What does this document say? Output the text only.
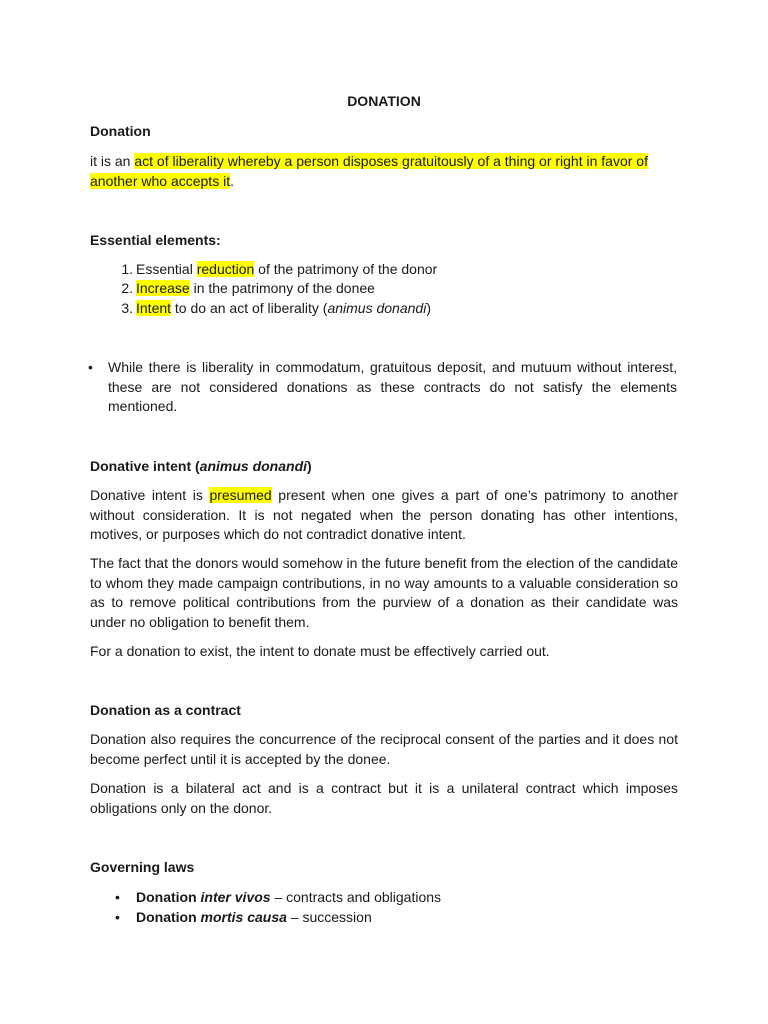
DONATION
Donation
it is an act of liberality whereby a person disposes gratuitously of a thing or right in favor of another who accepts it.
Essential elements:
1. Essential reduction of the patrimony of the donor
2. Increase in the patrimony of the donee
3. Intent to do an act of liberality (animus donandi)
• While there is liberality in commodatum, gratuitous deposit, and mutuum without interest, these are not considered donations as these contracts do not satisfy the elements mentioned.
Donative intent (animus donandi)
Donative intent is presumed present when one gives a part of one’s patrimony to another without consideration. It is not negated when the person donating has other intentions, motives, or purposes which do not contradict donative intent.
The fact that the donors would somehow in the future benefit from the election of the candidate to whom they made campaign contributions, in no way amounts to a valuable consideration so as to remove political contributions from the purview of a donation as their candidate was under no obligation to benefit them.
For a donation to exist, the intent to donate must be effectively carried out.
Donation as a contract
Donation also requires the concurrence of the reciprocal consent of the parties and it does not become perfect until it is accepted by the donee.
Donation is a bilateral act and is a contract but it is a unilateral contract which imposes obligations only on the donor.
Governing laws
• Donation inter vivos – contracts and obligations
• Donation mortis causa – succession
